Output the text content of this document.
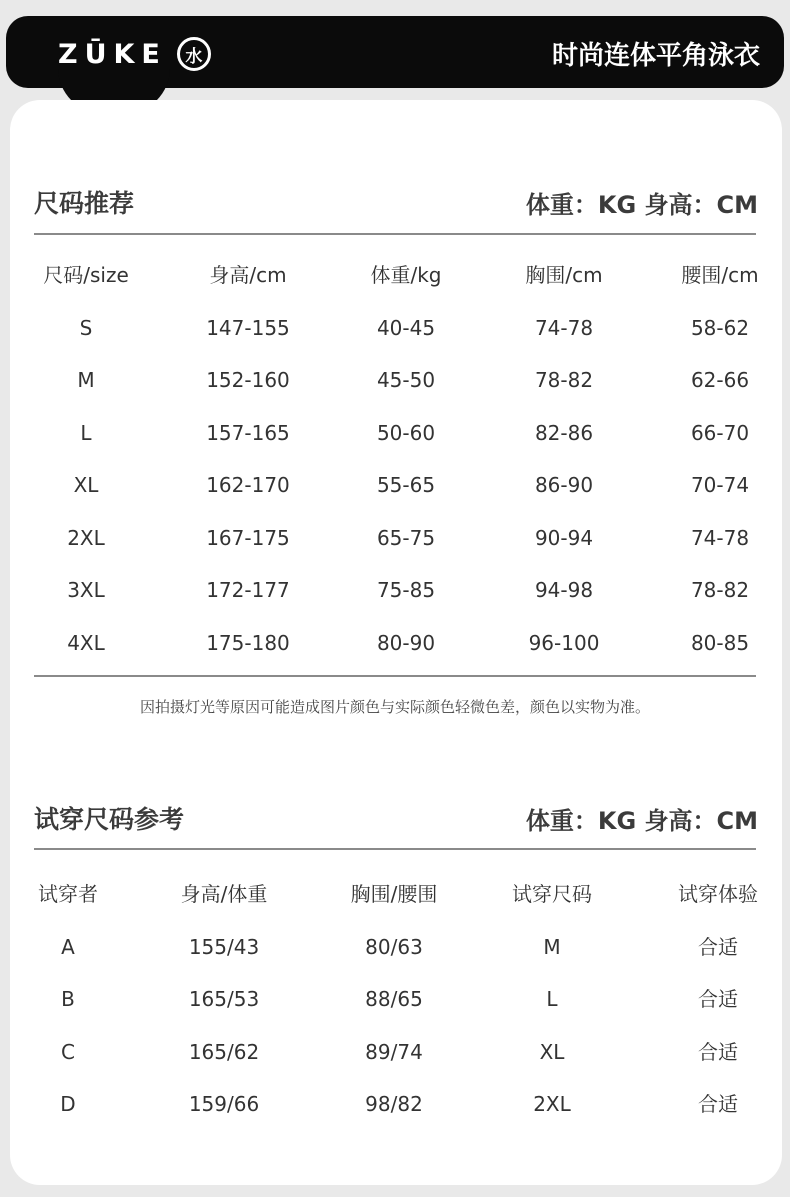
ZŪKE	水	时尚连体平角泳衣
尺码推荐	体重：KG 身高：CM
尺码/size	身高/cm	体重/kg	胸围/cm	腰围/cm
S	147-155	40-45	74-78	58-62
M	152-160	45-50	78-82	62-66
L	157-165	50-60	82-86	66-70
XL	162-170	55-65	86-90	70-74
2XL	167-175	65-75	90-94	74-78
3XL	172-177	75-85	94-98	78-82
4XL	175-180	80-90	96-100	80-85
因拍摄灯光等原因可能造成图片颜色与实际颜色轻微色差，颜色以实物为准。
试穿尺码参考	体重：KG 身高：CM
试穿者	身高/体重	胸围/腰围	试穿尺码	试穿体验
A	155/43	80/63	M	合适
B	165/53	88/65	L	合适
C	165/62	89/74	XL	合适
D	159/66	98/82	2XL	合适
